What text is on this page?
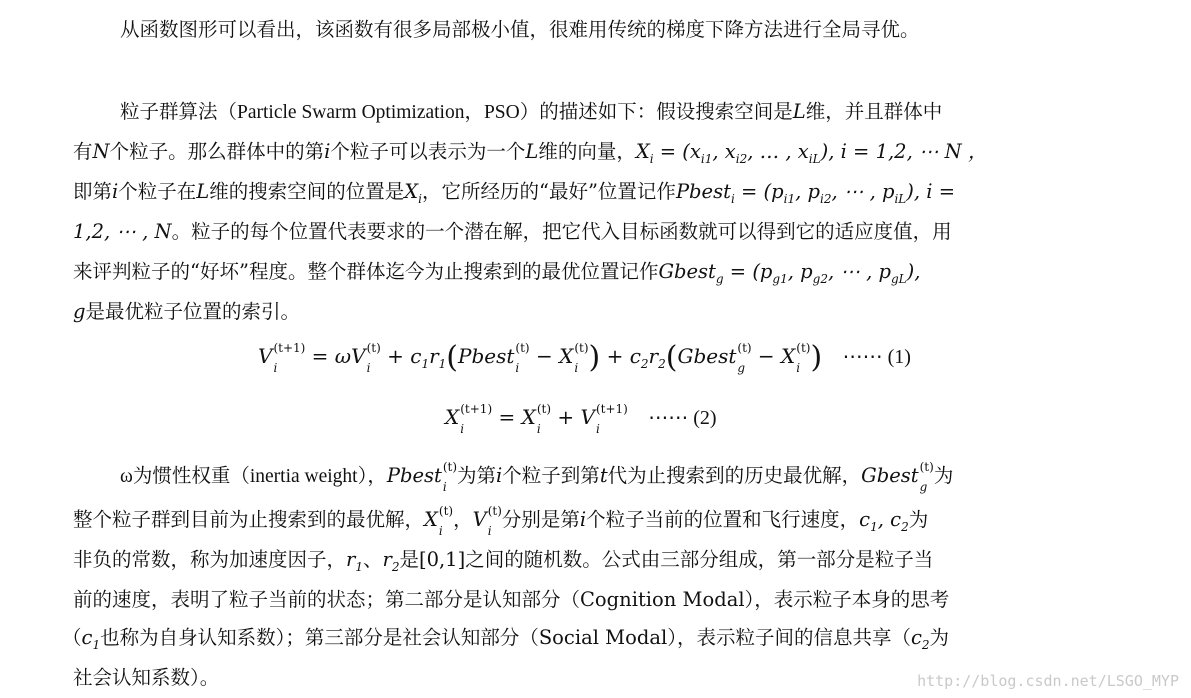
从函数图形可以看出，该函数有很多局部极小值，很难用传统的梯度下降方法进行全局寻优。
粒子群算法（Particle Swarm Optimization，PSO）的描述如下：假设搜索空间是L维，并且群体中
有N个粒子。那么群体中的第i个粒子可以表示为一个L维的向量，$X_i = (x_{i1}$, $x_{i2}$, … , $x_{iL}$), i = 1,2, ⋯ N ，
即第i个粒子在L维的搜索空间的位置是$X_i$，它所经历的“最好”位置记作Pbest$_i$ = ($p_{i1}$, $p_{i2}$, ⋯ , $p_{iL}$), i =
1,2, ⋯ , N。粒子的每个位置代表要求的一个潜在解，把它代入目标函数就可以得到它的适应度值，用
来评判粒子的“好坏”程度。整个群体迄今为止搜索到的最优位置记作Gbest$_g$ = ($p_{g1}$, $p_{g2}$, ⋯ , $p_{gL}$),
g是最优粒子位置的索引。
V (t+1)
i	= ωV (t)
$i + c_1r_1(Pbest$ (t)
i − X (t)
i ) + $c_2r_2(Gbest$ (t)
g − X (t)
i ) ⋯⋯ (1)
X (t+1)
i	= X (t)
i + V (t+1)
i	⋯⋯ (2)
ω为惯性权重（inertia weight），Pbest (t)
i 为第i个粒子到第t代为止搜索到的历史最优解，Gbest (t)
g 为
整个粒子群到目前为止搜索到的最优解，X (t)
i ，V (t)
i 分别是第i个粒子当前的位置和飞行速度，$c_1$, $c_2$为
非负的常数，称为加速度因子，$r_1$、$r_2$是[0,1]之间的随机数。公式由三部分组成，第一部分是粒子当
前的速度，表明了粒子当前的状态；第二部分是认知部分（Cognition Modal），表示粒子本身的思考
（$c_1$也称为自身认知系数）；第三部分是社会认知部分（Social Modal），表示粒子间的信息共享（$c_2$为
社会认知系数）。	http://blog.csdn.net/LSGO_MYP
